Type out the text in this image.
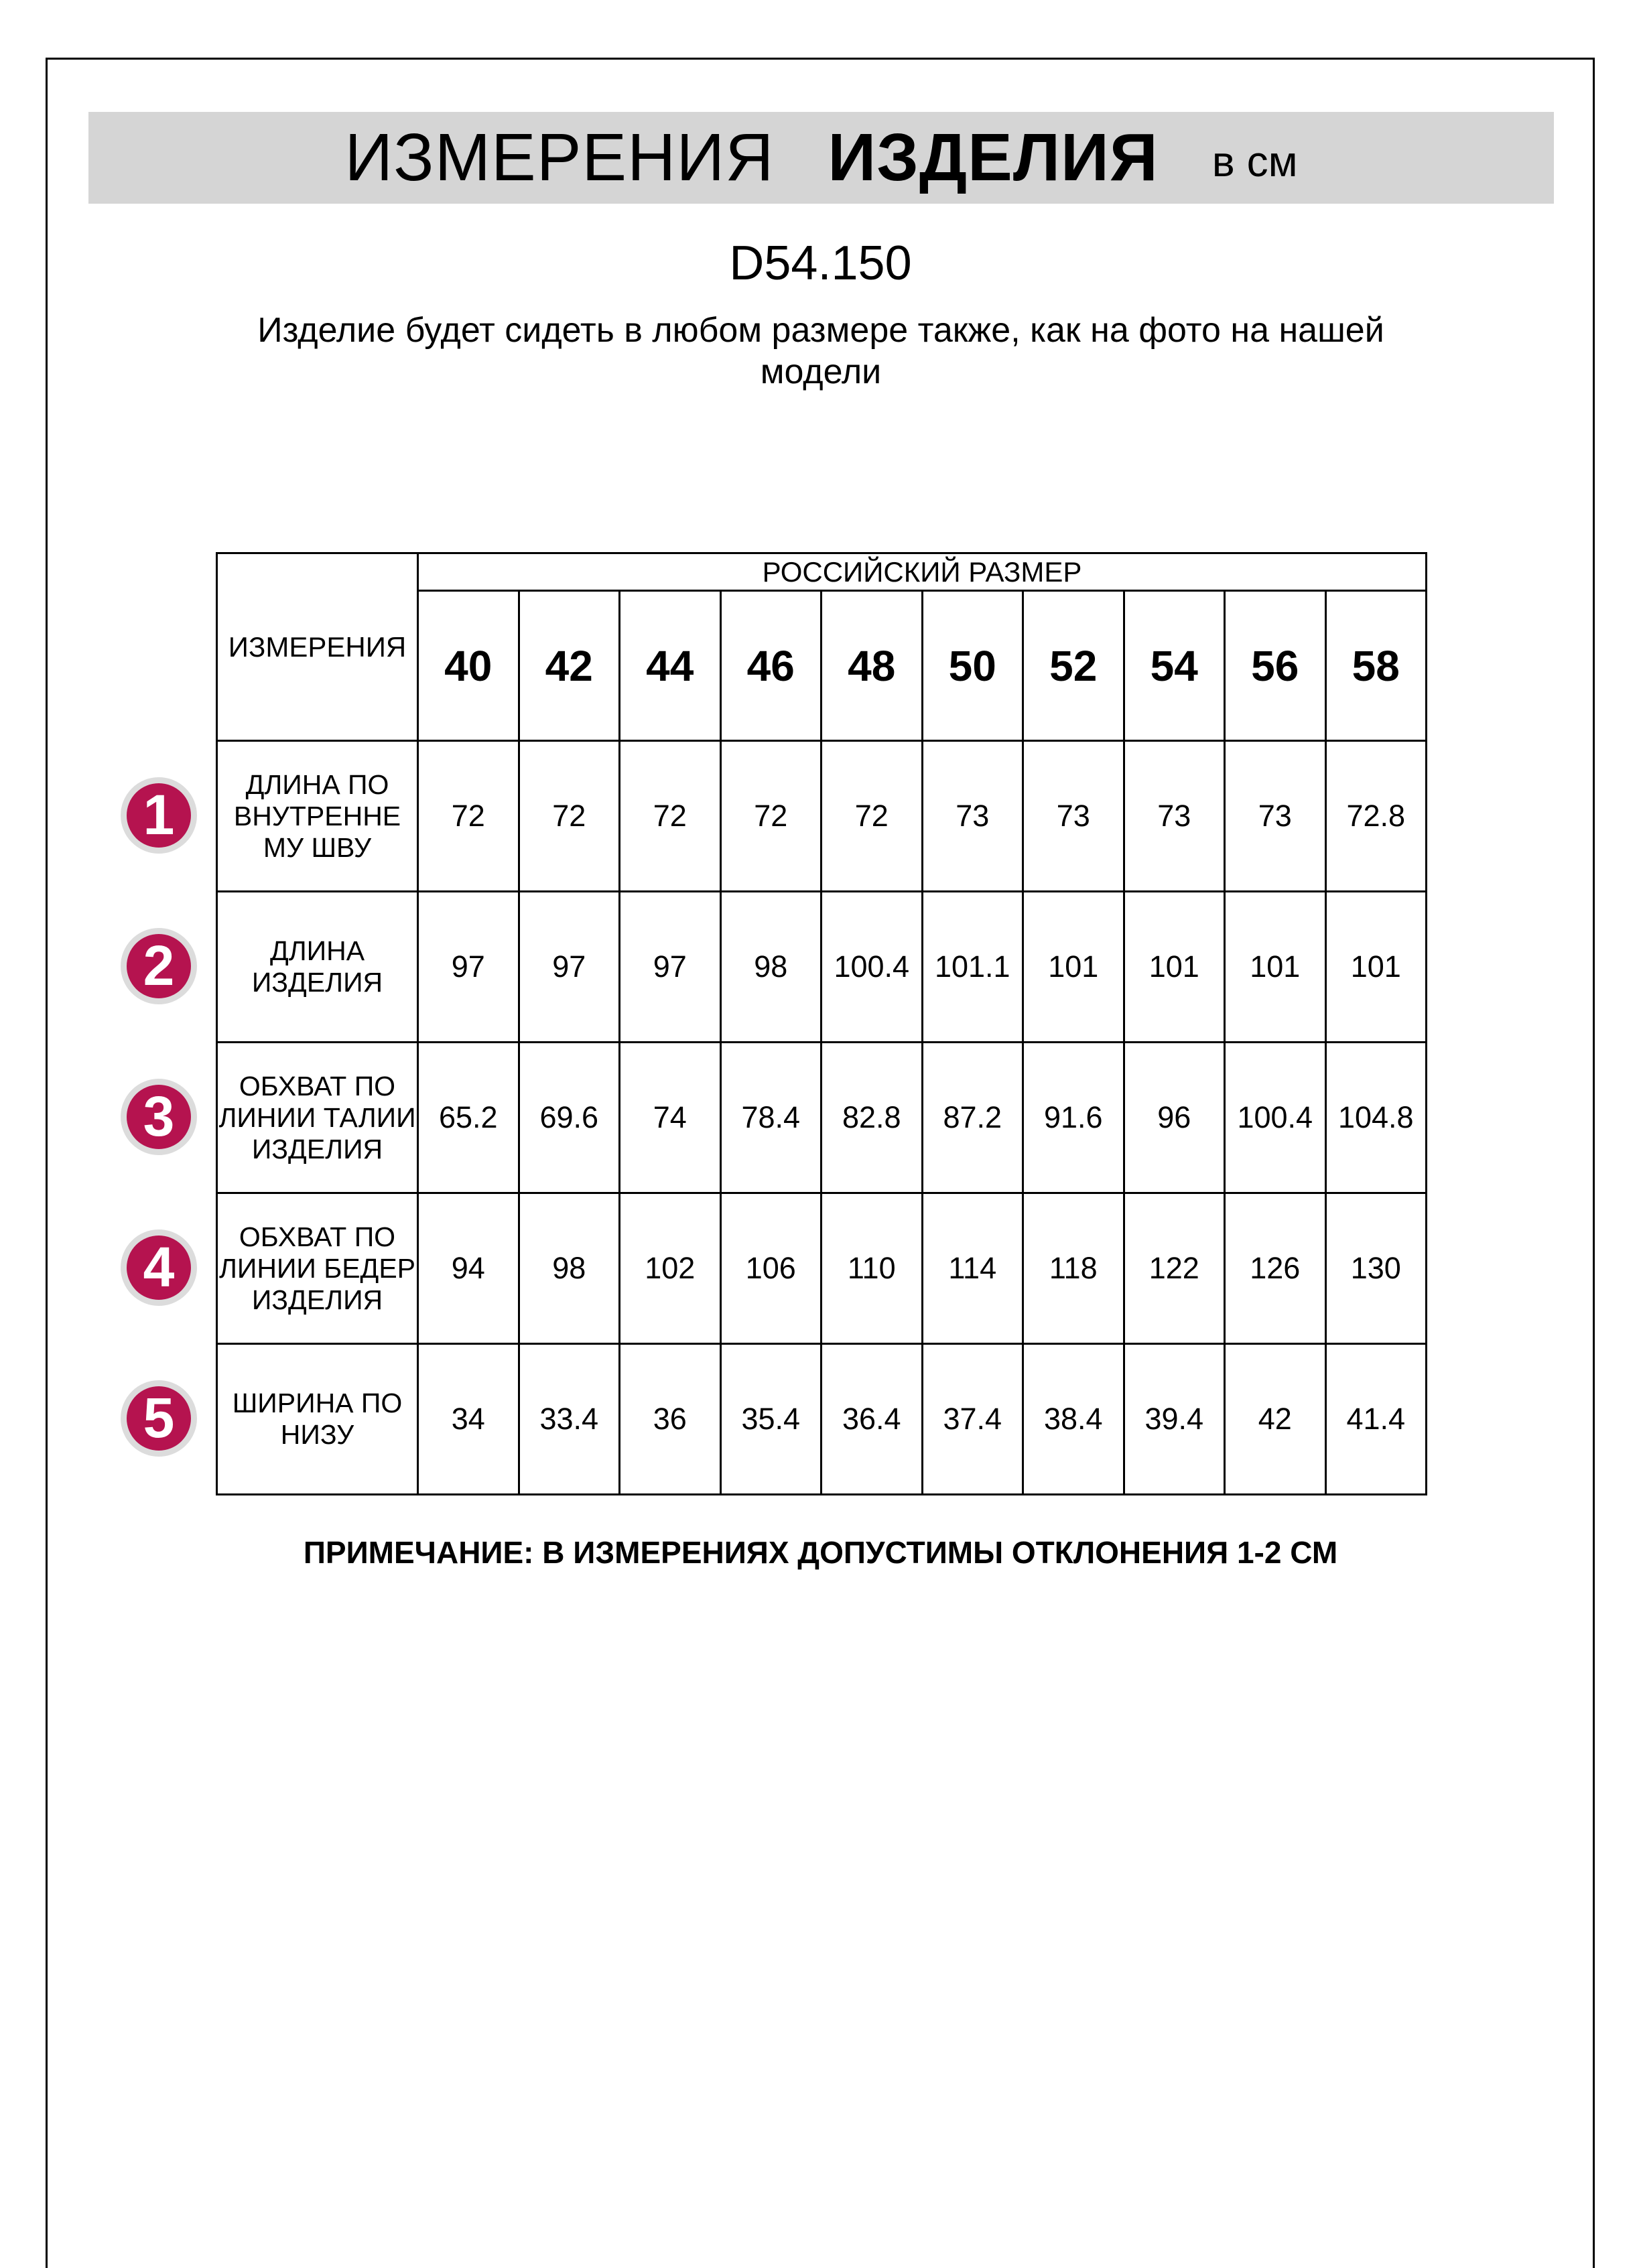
ИЗМЕРЕНИЯ ИЗДЕЛИЯ в см
D54.150
Изделие будет сидеть в любом размере также, как на фото на нашей модели
ИЗМЕРЕНИЯ	РОССИЙСКИЙ РАЗМЕР									
	40	42	44	46	48	50	52	54	56	58
ДЛИНА ПО ВНУТРЕННЕ МУ ШВУ	72	72	72	72	72	73	73	73	73	72.8
ДЛИНА ИЗДЕЛИЯ	97	97	97	98	100.4	101.1	101	101	101	101
ОБХВАТ ПО ЛИНИИ ТАЛИИ ИЗДЕЛИЯ	65.2	69.6	74	78.4	82.8	87.2	91.6	96	100.4	104.8
ОБХВАТ ПО ЛИНИИ БЕДЕР ИЗДЕЛИЯ	94	98	102	106	110	114	118	122	126	130
ШИРИНА ПО НИЗУ	34	33.4	36	35.4	36.4	37.4	38.4	39.4	42	41.4
1
2
3
4
5
ПРИМЕЧАНИЕ: В ИЗМЕРЕНИЯХ ДОПУСТИМЫ ОТКЛОНЕНИЯ 1-2 СМ
